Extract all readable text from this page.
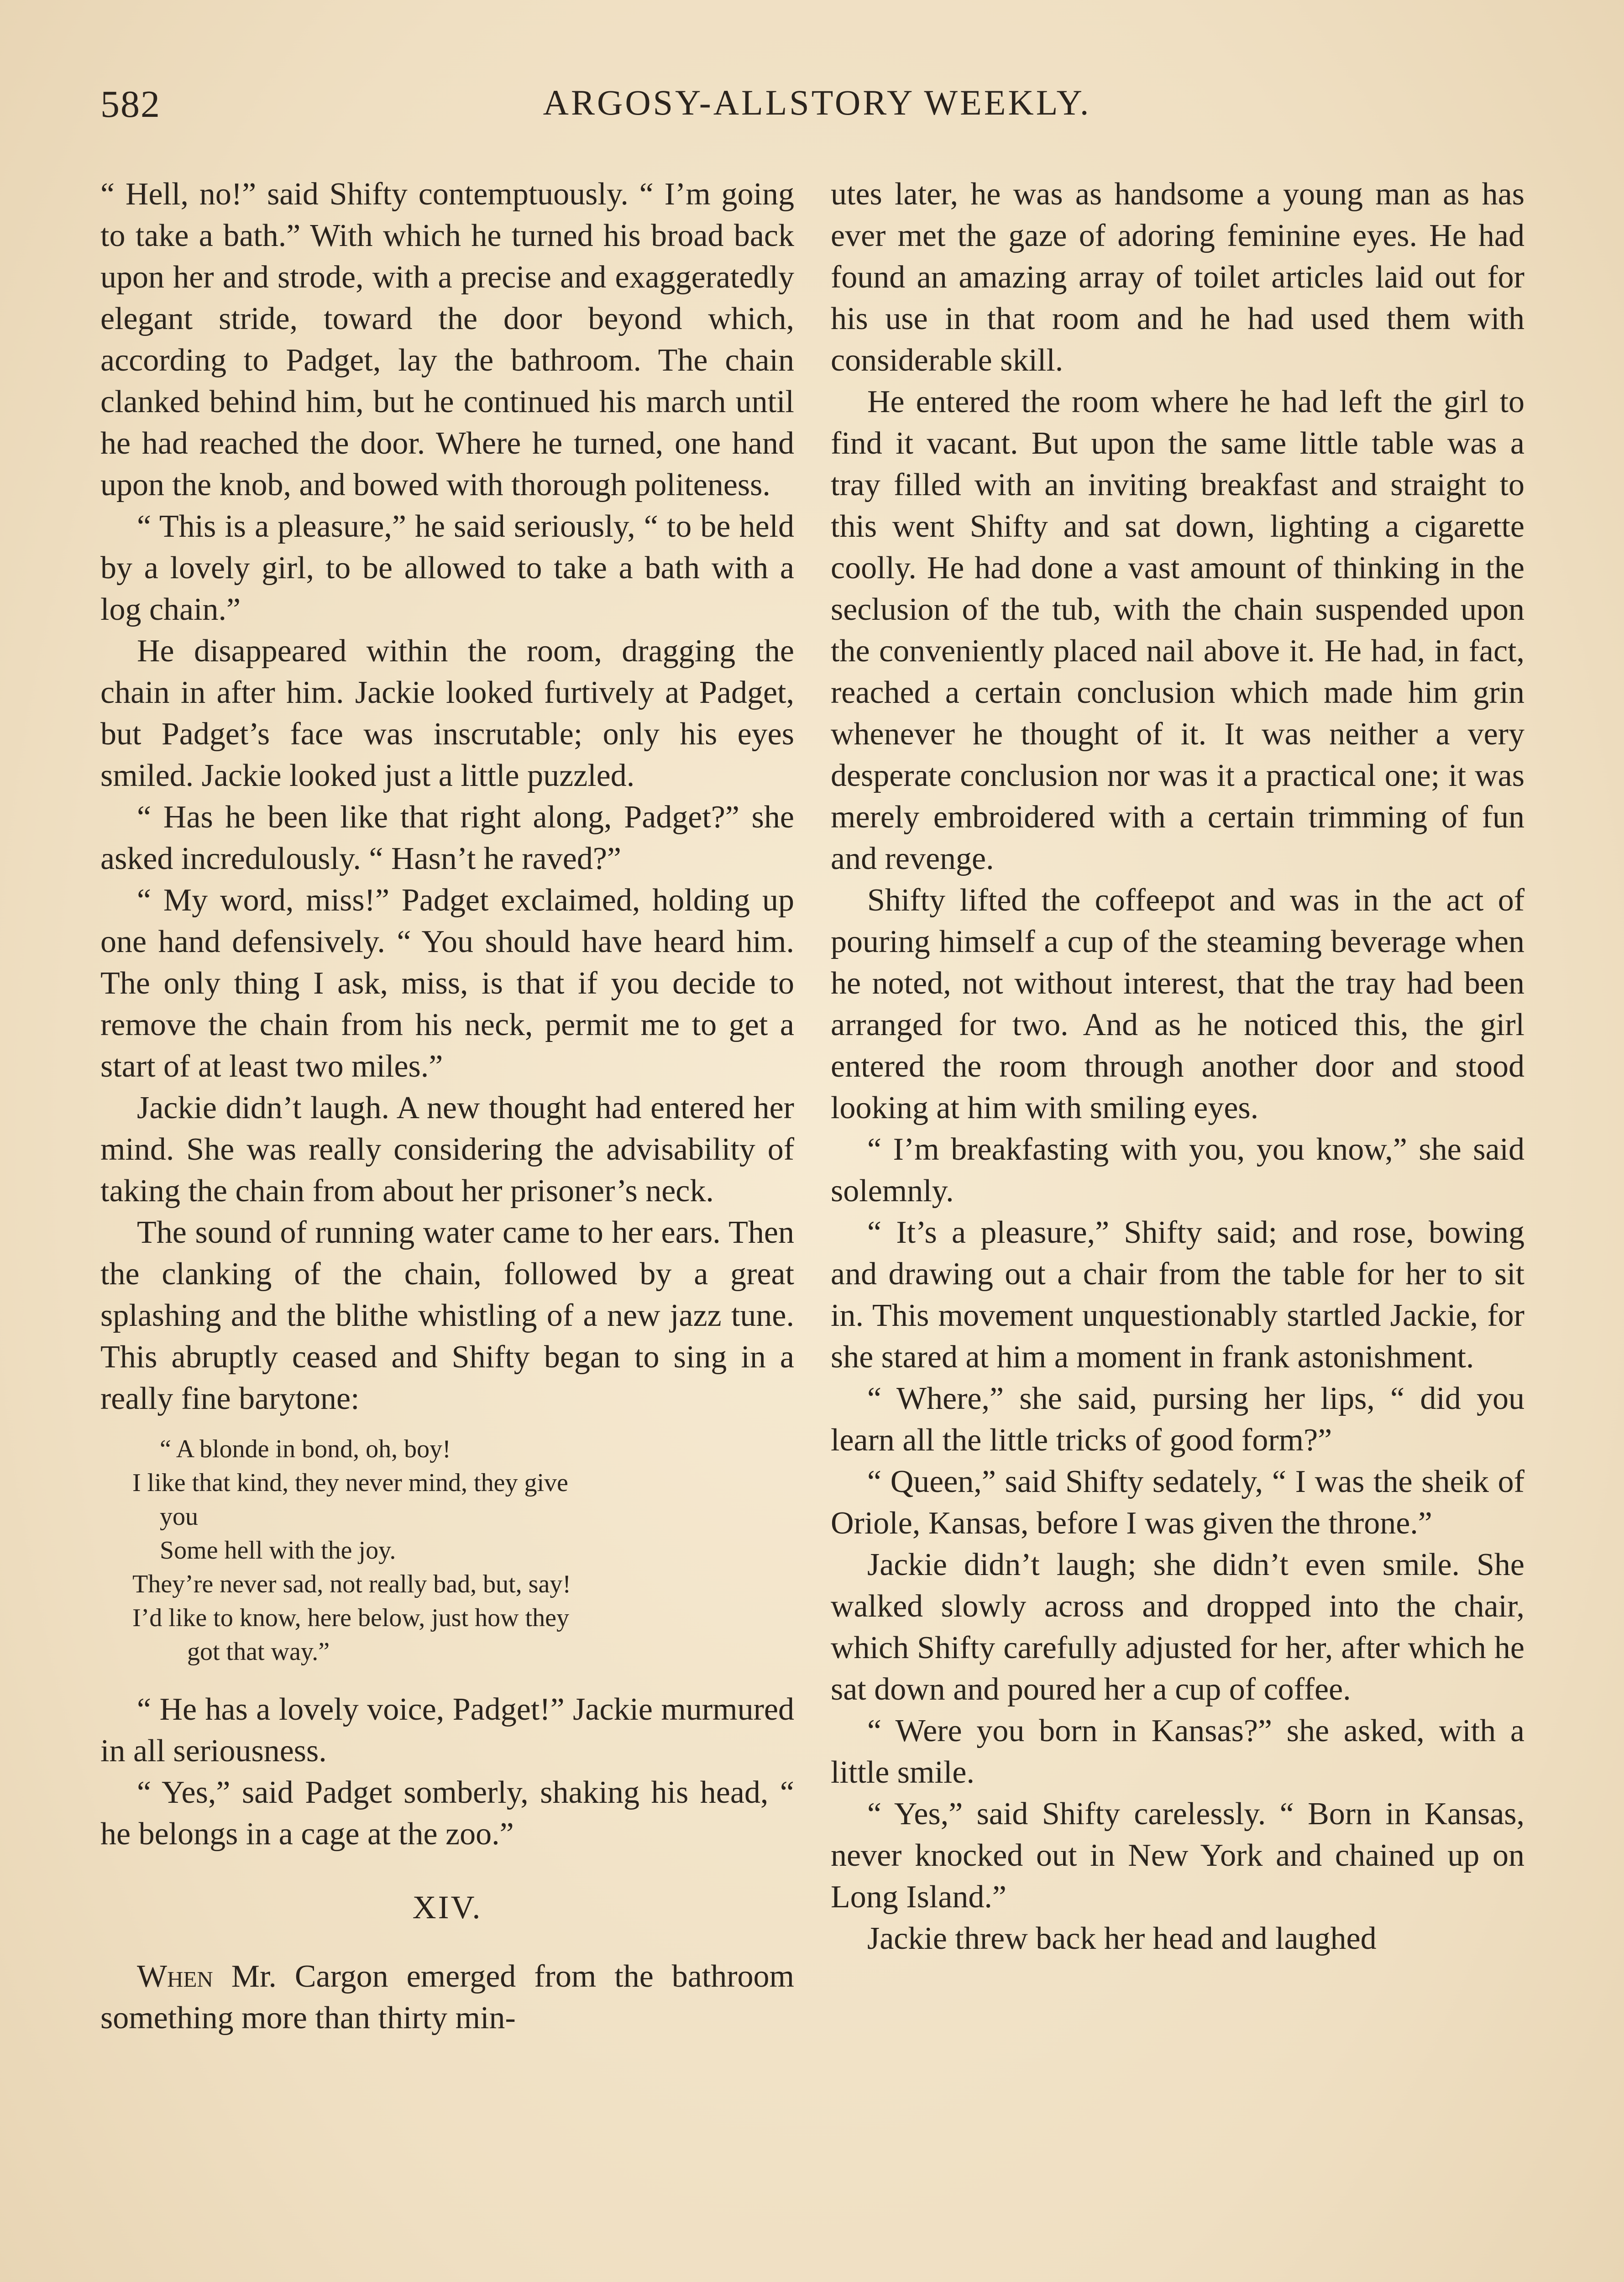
582	ARGOSY-ALLSTORY WEEKLY.

“ Hell, no!” said Shifty contemptuously. “ I’m going to take a bath.” With which he turned his broad back upon her and strode, with a precise and exaggeratedly elegant stride, toward the door beyond which, according to Padget, lay the bathroom. The chain clanked behind him, but he continued his march until he had reached the door. Where he turned, one hand upon the knob, and bowed with thorough politeness.

“ This is a pleasure,” he said seriously, “ to be held by a lovely girl, to be allowed to take a bath with a log chain.”

He disappeared within the room, dragging the chain in after him. Jackie looked furtively at Padget, but Padget’s face was inscrutable; only his eyes smiled. Jackie looked just a little puzzled.

“ Has he been like that right along, Padget?” she asked incredulously. “ Hasn’t he raved?”

“ My word, miss!” Padget exclaimed, holding up one hand defensively. “ You should have heard him. The only thing I ask, miss, is that if you decide to remove the chain from his neck, permit me to get a start of at least two miles.”

Jackie didn’t laugh. A new thought had entered her mind. She was really considering the advisability of taking the chain from about her prisoner’s neck.

The sound of running water came to her ears. Then the clanking of the chain, followed by a great splashing and the blithe whistling of a new jazz tune. This abruptly ceased and Shifty began to sing in a really fine barytone:

“ A blonde in bond, oh, boy!
I like that kind, they never mind, they give
you
Some hell with the joy.
They’re never sad, not really bad, but, say!
I’d like to know, here below, just how they
got that way.”

“ He has a lovely voice, Padget!” Jackie murmured in all seriousness.

“ Yes,” said Padget somberly, shaking his head, “ he belongs in a cage at the zoo.”

XIV.

When Mr. Cargon emerged from the bathroom something more than thirty min-

utes later, he was as handsome a young man as has ever met the gaze of adoring feminine eyes. He had found an amazing array of toilet articles laid out for his use in that room and he had used them with considerable skill.

He entered the room where he had left the girl to find it vacant. But upon the same little table was a tray filled with an inviting breakfast and straight to this went Shifty and sat down, lighting a cigarette coolly. He had done a vast amount of thinking in the seclusion of the tub, with the chain suspended upon the conveniently placed nail above it. He had, in fact, reached a certain conclusion which made him grin whenever he thought of it. It was neither a very desperate conclusion nor was it a practical one; it was merely embroidered with a certain trimming of fun and revenge.

Shifty lifted the coffeepot and was in the act of pouring himself a cup of the steaming beverage when he noted, not without interest, that the tray had been arranged for two. And as he noticed this, the girl entered the room through another door and stood looking at him with smiling eyes.

“ I’m breakfasting with you, you know,” she said solemnly.

“ It’s a pleasure,” Shifty said; and rose, bowing and drawing out a chair from the table for her to sit in. This movement unquestionably startled Jackie, for she stared at him a moment in frank astonishment.

“ Where,” she said, pursing her lips, “ did you learn all the little tricks of good form?”

“ Queen,” said Shifty sedately, “ I was the sheik of Oriole, Kansas, before I was given the throne.”

Jackie didn’t laugh; she didn’t even smile. She walked slowly across and dropped into the chair, which Shifty carefully adjusted for her, after which he sat down and poured her a cup of coffee.

“ Were you born in Kansas?” she asked, with a little smile.

“ Yes,” said Shifty carelessly. “ Born in Kansas, never knocked out in New York and chained up on Long Island.”

Jackie threw back her head and laughed
